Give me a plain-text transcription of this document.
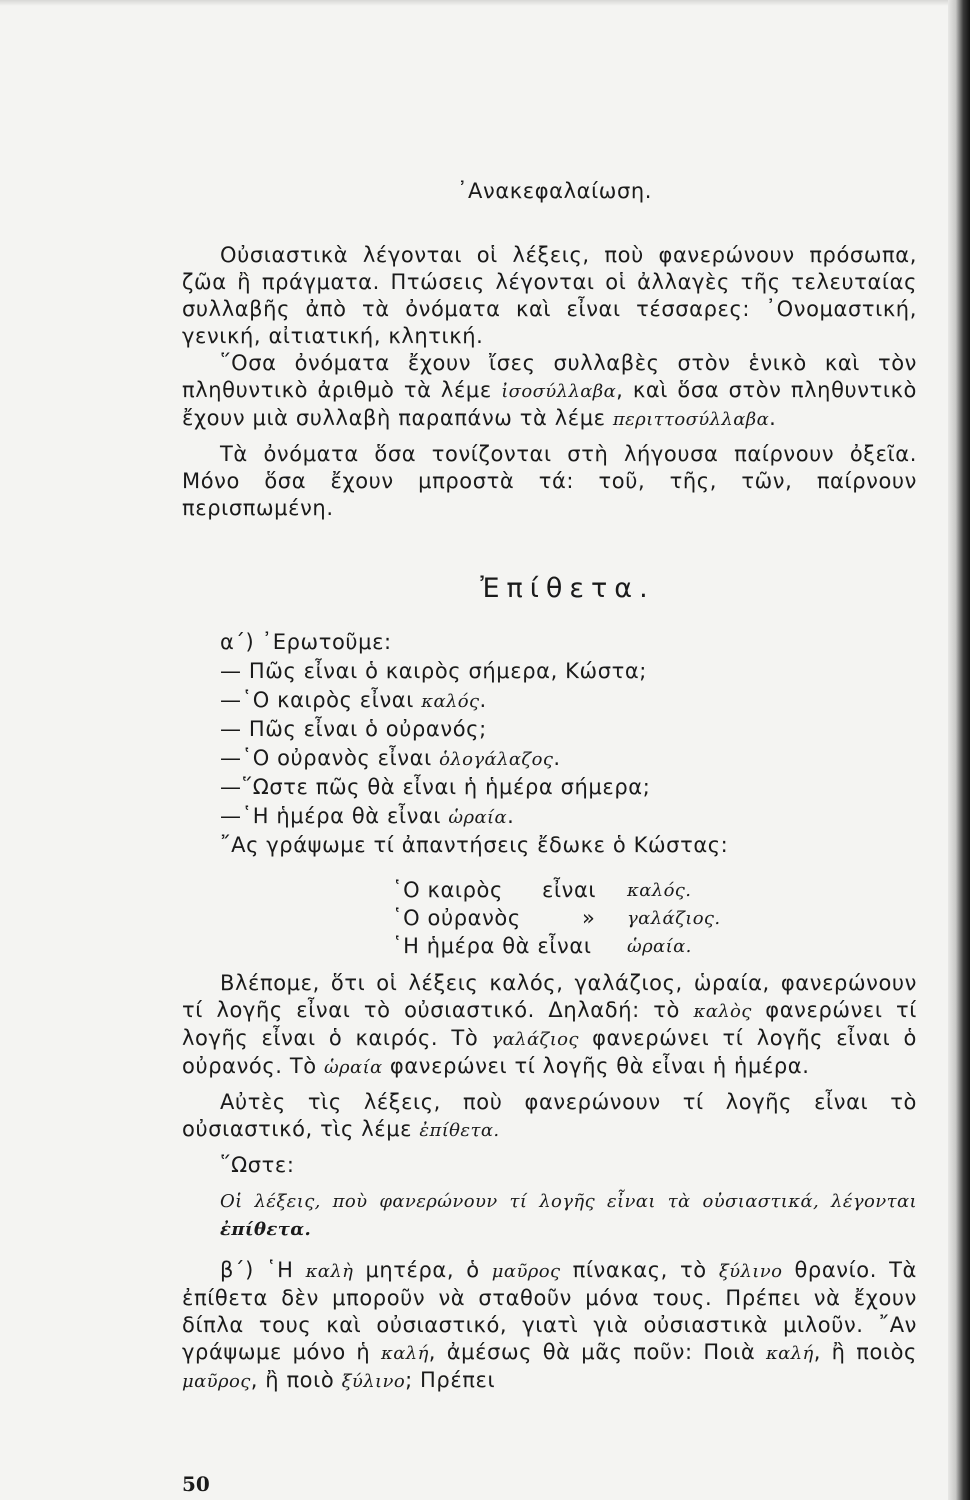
᾿Ανακεφαλαίωση.

Οὐσιαστικὰ λέγονται οἱ λέξεις, ποὺ φανερώνουν πρόσωπα, ζῶα ἢ πράγματα. Πτώσεις λέγονται οἱ ἀλλαγὲς τῆς τελευταίας συλλαβῆς ἀπὸ τὰ ὀνόματα καὶ εἶναι τέσσαρες: ᾿Ονομαστική, γενική, αἰτιατική, κλητική.

῞Οσα ὀνόματα ἔχουν ἴσες συλλαβὲς στὸν ἑνικὸ καὶ τὸν πληθυντικὸ ἀριθμὸ τὰ λέμε ἰσοσύλλαβα, καὶ ὅσα στὸν πληθυντικὸ ἔχουν μιὰ συλλαβὴ παραπάνω τὰ λέμε περιττοσύλλαβα.

Τὰ ὀνόματα ὅσα τονίζονται στὴ λήγουσα παίρνουν ὀξεῖα. Μόνο ὅσα ἔχουν μπροστὰ τά: τοῦ, τῆς, τῶν, παίρνουν περισπωμένη.

Ἐπίθετα.

α΄) ᾿Ερωτοῦμε:

— Πῶς εἶναι ὁ καιρὸς σήμερα, Κώστα;
—῾Ο καιρὸς εἶναι καλός.
— Πῶς εἶναι ὁ οὐρανός;
—῾Ο οὐρανὸς εἶναι ὁλογάλαζος.
—῞Ωστε πῶς θὰ εἶναι ἡ ἡμέρα σήμερα;
—῾Η ἡμέρα θὰ εἶναι ὡραία.
῎Ας γράψωμε τί ἀπαντήσεις ἔδωκε ὁ Κώστας:
῾Ο καιρὸς	εἶναι	καλός.
῾Ο οὐρανὸς	»	γαλάζιος.
῾Η ἡμέρα θὰ εἶναι	ὡραία.

Βλέπομε, ὅτι οἱ λέξεις καλός, γαλάζιος, ὡραία, φανερώνουν τί λογῆς εἶναι τὸ οὐσιαστικό. Δηλαδή: τὸ καλὸς φανερώνει τί λογῆς εἶναι ὁ καιρός. Τὸ γαλάζιος φανερώνει τί λογῆς εἶναι ὁ οὐρανός. Τὸ ὡραία φανερώνει τί λογῆς θὰ εἶναι ἡ ἡμέρα.

Αὐτὲς τὶς λέξεις, ποὺ φανερώνουν τί λογῆς εἶναι τὸ οὐσιαστικό, τὶς λέμε ἐπίθετα.

῞Ωστε:

Οἱ λέξεις, ποὺ φανερώνουν τί λογῆς εἶναι τὰ οὐσιαστικά, λέγονται ἐπίθετα.

β΄) ῾Η καλὴ μητέρα, ὁ μαῦρος πίνακας, τὸ ξύλινο θρανίο. Τὰ ἐπίθετα δὲν μποροῦν νὰ σταθοῦν μόνα τους. Πρέπει νὰ ἔχουν δίπλα τους καὶ οὐσιαστικό, γιατὶ γιὰ οὐσιαστικὰ μιλοῦν. ῎Αν γράψωμε μόνο ἡ καλή, ἀμέσως θὰ μᾶς ποῦν: Ποιὰ καλή, ἢ ποιὸς μαῦρος, ἢ ποιὸ ξύλινο; Πρέπει

50
